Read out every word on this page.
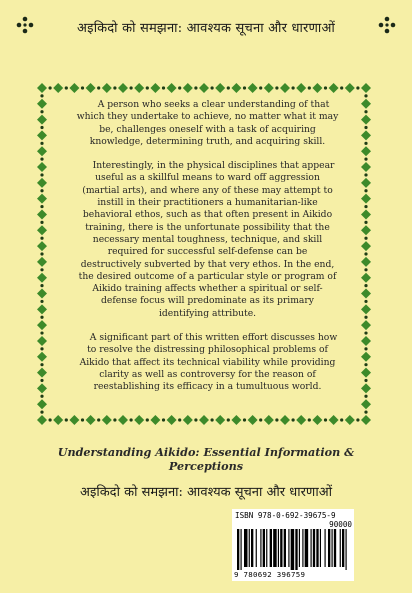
अइकिदो को समझना: आवश्यक सूचना और धारणाओं

A person who seeks a clear understanding of that which they undertake to achieve, no matter what it may be, challenges oneself with a task of acquiring knowledge, determining truth, and acquiring skill.

Interestingly, in the physical disciplines that appear useful as a skillful means to ward off aggression (martial arts), and where any of these may attempt to instill in their practitioners a humanitarian-like behavioral ethos, such as that often present in Aikido training, there is the unfortunate possibility that the necessary mental toughness, technique, and skill required for successful self-defense can be destructively subverted by that very ethos. In the end, the desired outcome of a particular style or program of Aikido training affects whether a spiritual or self-defense focus will predominate as its primary identifying attribute.

A significant part of this written effort discusses how to resolve the distressing philosophical problems of Aikido that affect its technical viability while providing clarity as well as controversy for the reason of reestablishing its efficacy in a tumultuous world.

Understanding Aikido: Essential Information & Perceptions
अइकिदो को समझना: आवश्यक सूचना और धारणाओं
ISBN 978-0-692-39675-9
90000
9 780692 396759
